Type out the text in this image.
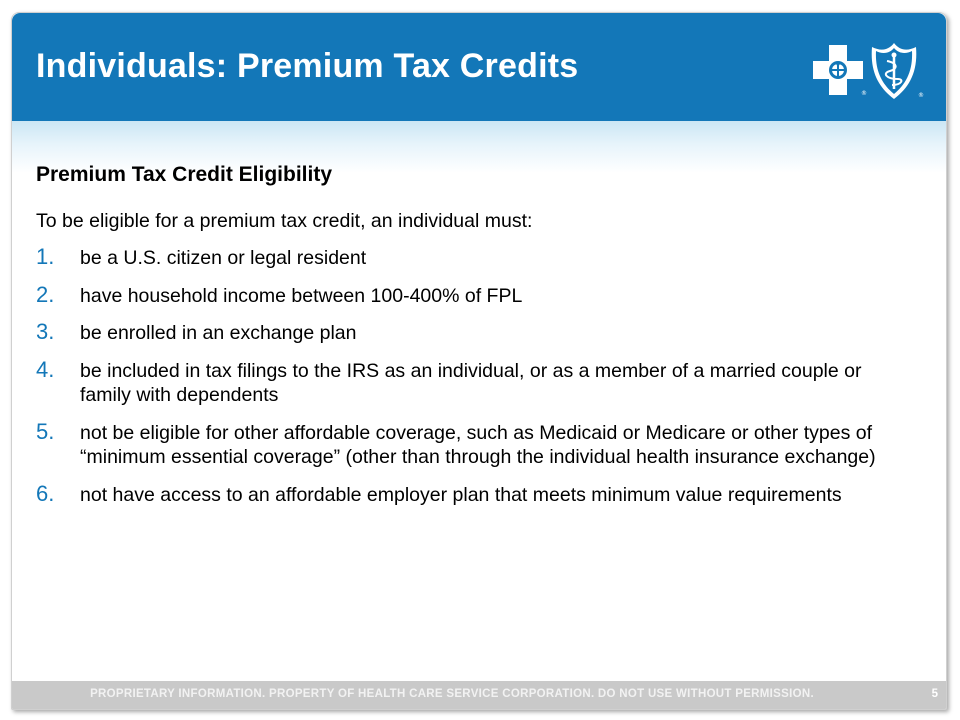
Individuals: Premium Tax Credits
®	®

Premium Tax Credit Eligibility

To be eligible for a premium tax credit, an individual must:

1. be a U.S. citizen or legal resident
2. have household income between 100-400% of FPL
3. be enrolled in an exchange plan
4. be included in tax filings to the IRS as an individual, or as a member of a married couple or family with dependents
5. not be eligible for other affordable coverage, such as Medicaid or Medicare or other types of “minimum essential coverage” (other than through the individual health insurance exchange)
6. not have access to an affordable employer plan that meets minimum value requirements
PROPRIETARY INFORMATION. PROPERTY OF HEALTH CARE SERVICE CORPORATION. DO NOT USE WITHOUT PERMISSION.	5
